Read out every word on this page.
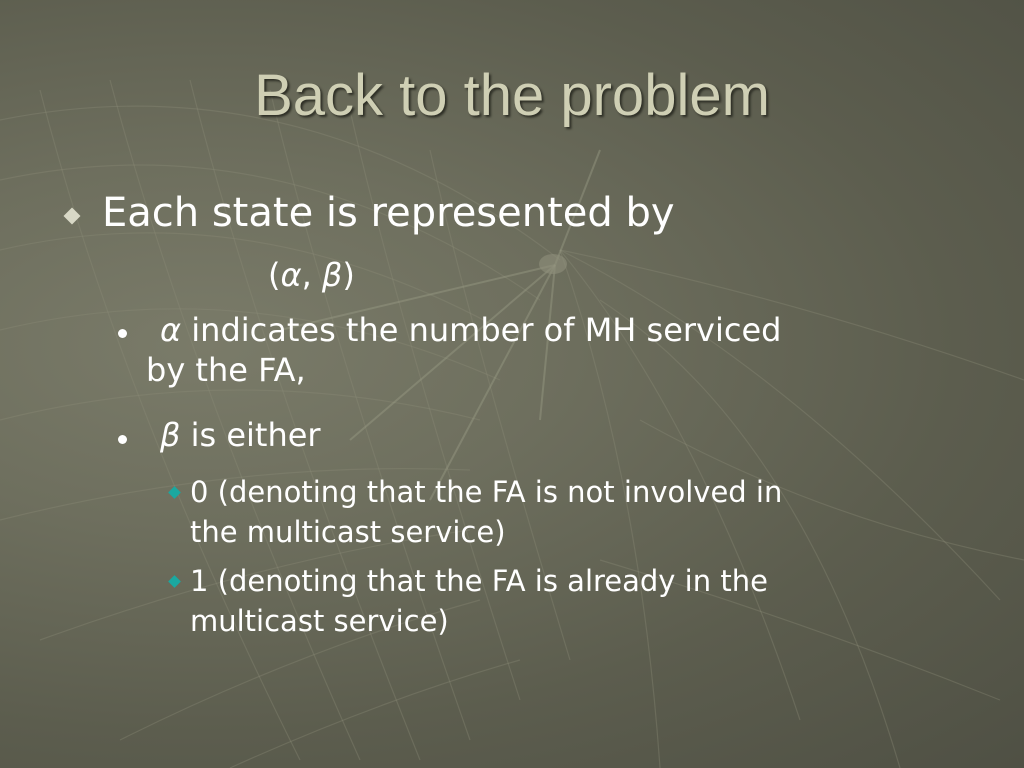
Back to the problem
Each state is represented by
(α, β)
α indicates the number of MH serviced
by the FA,
β is either
0 (denoting that the FA is not involved in
the multicast service)
1 (denoting that the FA is already in the
multicast service)
